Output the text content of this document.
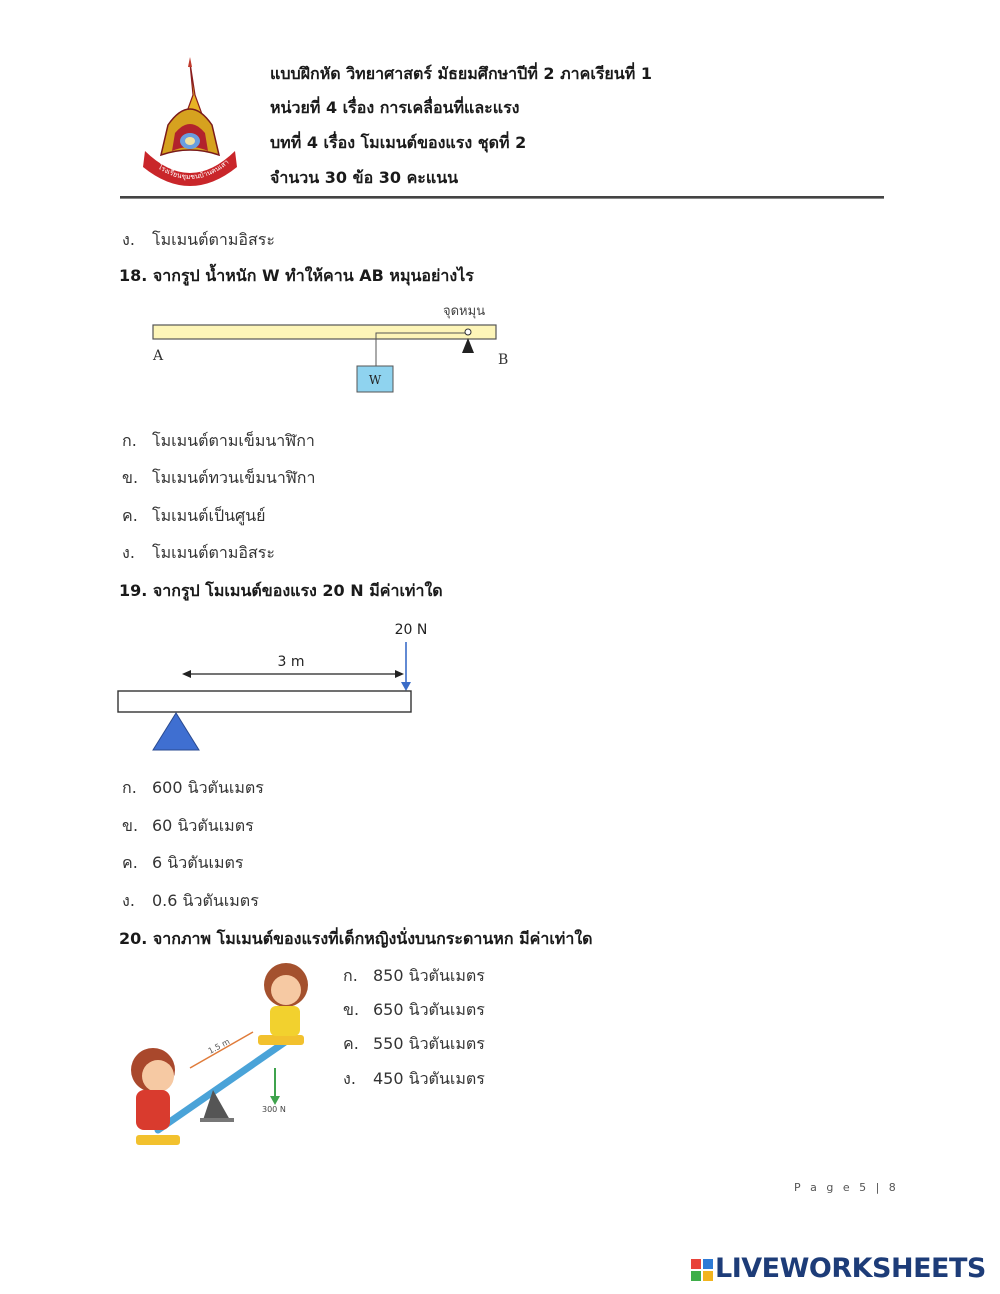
โรงเรียนชุมชนบ้านคนเสา
แบบฝึกหัด วิทยาศาสตร์ มัธยมศึกษาปีที่ 2 ภาคเรียนที่ 1
หน่วยที่ 4 เรื่อง การเคลื่อนที่และแรง
บทที่ 4 เรื่อง โมเมนต์ของแรง ชุดที่ 2
จำนวน 30 ข้อ 30 คะแนน
ง. โมเมนต์ตามอิสระ
18. จากรูป น้ำหนัก W ทำให้คาน AB หมุนอย่างไร
A	B
จุดหมุน
W
ก. โมเมนต์ตามเข็มนาฬิกา
ข. โมเมนต์ทวนเข็มนาฬิกา
ค. โมเมนต์เป็นศูนย์
ง. โมเมนต์ตามอิสระ
19. จากรูป โมเมนต์ของแรง 20 N มีค่าเท่าใด
20 N
3 m
ก. 600 นิวตันเมตร
ข. 60 นิวตันเมตร
ค. 6 นิวตันเมตร
ง. 0.6 นิวตันเมตร
20. จากภาพ โมเมนต์ของแรงที่เด็กหญิงนั่งบนกระดานหก มีค่าเท่าใด
1.5 m
300 N
ก. 850 นิวตันเมตร
ข. 650 นิวตันเมตร
ค. 550 นิวตันเมตร
ง. 450 นิวตันเมตร
P a g e 5 | 8
LIVEWORKSHEETS
